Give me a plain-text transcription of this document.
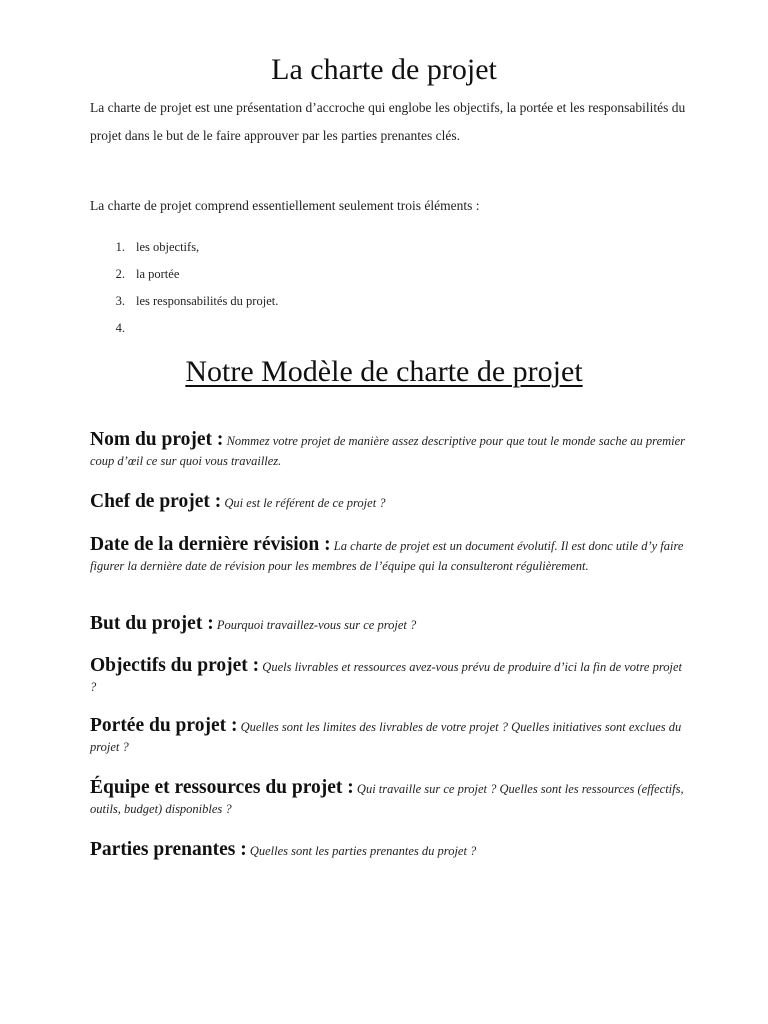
La charte de projet

La charte de projet est une présentation d’accroche qui englobe les objectifs, la portée et les responsabilités du projet dans le but de le faire approuver par les parties prenantes clés.

La charte de projet comprend essentiellement seulement trois éléments :

1. les objectifs,
2. la portée
3. les responsabilités du projet.
4.
Notre Modèle de charte de projet

Nom du projet : Nommez votre projet de manière assez descriptive pour que tout le monde sache au premier coup d’œil ce sur quoi vous travaillez.

Chef de projet : Qui est le référent de ce projet ?

Date de la dernière révision : La charte de projet est un document évolutif. Il est donc utile d’y faire figurer la dernière date de révision pour les membres de l’équipe qui la consulteront régulièrement.

But du projet : Pourquoi travaillez-vous sur ce projet ?

Objectifs du projet : Quels livrables et ressources avez-vous prévu de produire d’ici la fin de votre projet ?

Portée du projet : Quelles sont les limites des livrables de votre projet ? Quelles initiatives sont exclues du projet ?

Équipe et ressources du projet : Qui travaille sur ce projet ? Quelles sont les ressources (effectifs, outils, budget) disponibles ?

Parties prenantes : Quelles sont les parties prenantes du projet ?
